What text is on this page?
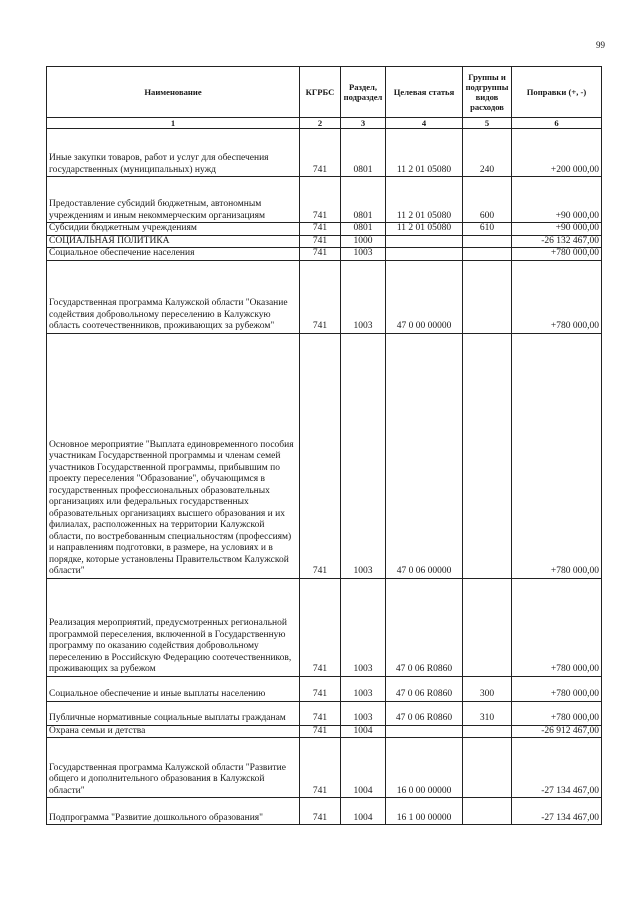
99
Наименование	КГРБС	Раздел, подраздел	Целевая статья	Группы и подгруппы видов расходов	Поправки (+, -)
1	2	3	4	5	6
Иные закупки товаров, работ и услуг для обеспечения государственных (муниципальных) нужд	741	0801	11 2 01 05080	240	+200 000,00
Предоставление субсидий бюджетным, автономным учреждениям и иным некоммерческим организациям	741	0801	11 2 01 05080	600	+90 000,00
Субсидии бюджетным учреждениям	741	0801	11 2 01 05080	610	+90 000,00
СОЦИАЛЬНАЯ ПОЛИТИКА	741	1000			-26 132 467,00
Социальное обеспечение населения	741	1003			+780 000,00
Государственная программа Калужской области "Оказание содействия добровольному переселению в Калужскую область соотечественников, проживающих за рубежом"	741	1003	47 0 00 00000		+780 000,00
Основное мероприятие "Выплата единовременного пособия участникам Государственной программы и членам семей участников Государственной программы, прибывшим по проекту переселения "Образование", обучающимся в государственных профессиональных образовательных организациях или федеральных государственных образовательных организациях высшего образования и их филиалах, расположенных на территории Калужской области, по востребованным специальностям (профессиям) и направлениям подготовки, в размере, на условиях и в порядке, которые установлены Правительством Калужской области"	741	1003	47 0 06 00000		+780 000,00
Реализация мероприятий, предусмотренных региональной программой переселения, включенной в Государственную программу по оказанию содействия добровольному переселению в Российскую Федерацию соотечественников, проживающих за рубежом	741	1003	47 0 06 R0860		+780 000,00
Социальное обеспечение и иные выплаты населению	741	1003	47 0 06 R0860	300	+780 000,00
Публичные нормативные социальные выплаты гражданам	741	1003	47 0 06 R0860	310	+780 000,00
Охрана семьи и детства	741	1004			-26 912 467,00
Государственная программа Калужской области "Развитие общего и дополнительного образования в Калужской области"	741	1004	16 0 00 00000		-27 134 467,00
Подпрограмма "Развитие дошкольного образования"	741	1004	16 1 00 00000		-27 134 467,00
